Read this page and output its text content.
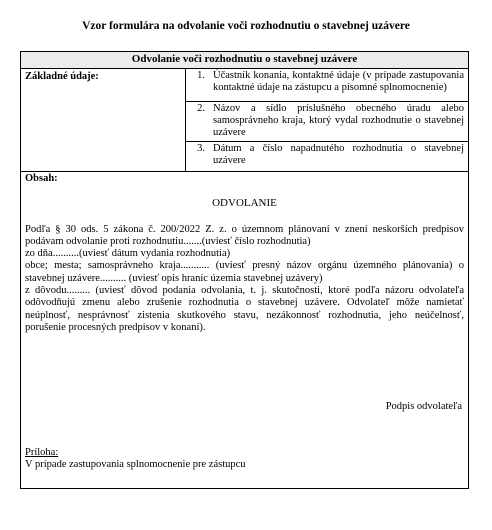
Vzor formulára na odvolanie voči rozhodnutiu o stavebnej uzávere
Odvolanie voči rozhodnutiu o stavebnej uzávere
Základné údaje:	1. Účastník konania, kontaktné údaje (v prípade zastupovania kontaktné údaje na zástupcu a písomné splnomocnenie)
2. Názov a sídlo príslušného obecného úradu alebo samosprávneho kraja, ktorý vydal rozhodnutie o stavebnej uzávere
3. Dátum a číslo napadnutého rozhodnutia o stavebnej uzávere
Obsah:
ODVOLANIE

Podľa § 30 ods. 5 zákona č. 200/2022 Z. z. o územnom plánovaní v znení neskorších predpisov podávam odvolanie proti rozhodnutiu.......(uviesť číslo rozhodnutia)

zo dňa..........(uviesť dátum vydania rozhodnutia)

obce; mesta; samosprávneho kraja........... (uviesť presný názov orgánu územného plánovania) o stavebnej uzávere.......... (uviesť opis hraníc územia stavebnej uzávery)

z dôvodu......... (uviesť dôvod podania odvolania, t. j. skutočnosti, ktoré podľa názoru odvolateľa odôvodňujú zmenu alebo zrušenie rozhodnutia o stavebnej uzávere. Odvolateľ môže namietať neúplnosť, nesprávnosť zistenia skutkového stavu, nezákonnosť rozhodnutia, jeho neúčelnosť, porušenie procesných predpisov v konaní).

Podpis odvolateľa
Príloha:
V prípade zastupovania splnomocnenie pre zástupcu
